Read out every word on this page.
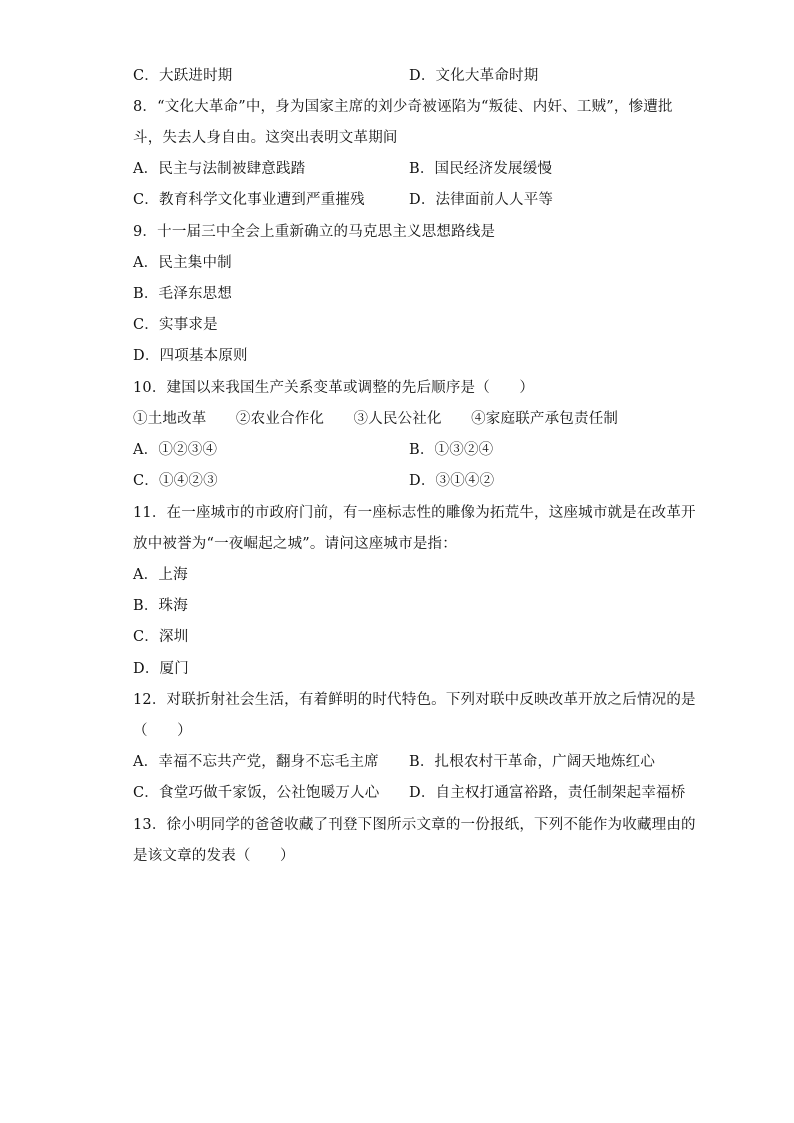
C．大跃进时期	D．文化大革命时期
8．“文化大革命”中，身为国家主席的刘少奇被诬陷为“叛徒、内奸、工贼”，惨遭批
斗，失去人身自由。这突出表明文革期间
A．民主与法制被肆意践踏	B．国民经济发展缓慢
C．教育科学文化事业遭到严重摧残	D．法律面前人人平等
9．十一届三中全会上重新确立的马克思主义思想路线是
A．民主集中制
B．毛泽东思想
C．实事求是
D．四项基本原则
10．建国以来我国生产关系变革或调整的先后顺序是（　　）
①土地改革　　②农业合作化　　③人民公社化　　④家庭联产承包责任制
A．①②③④	B．①③②④
C．①④②③	D．③①④②
11．在一座城市的市政府门前，有一座标志性的雕像为拓荒牛，这座城市就是在改革开
放中被誉为“一夜崛起之城”。请问这座城市是指：
A．上海
B．珠海
C．深圳
D．厦门
12．对联折射社会生活，有着鲜明的时代特色。下列对联中反映改革开放之后情况的是
（　　）
A．幸福不忘共产党，翻身不忘毛主席 B．扎根农村干革命，广阔天地炼红心
C．食堂巧做千家饭，公社饱暖万人心 D．自主权打通富裕路，责任制架起幸福桥
13．徐小明同学的爸爸收藏了刊登下图所示文章的一份报纸，下列不能作为收藏理由的
是该文章的发表（　　）
